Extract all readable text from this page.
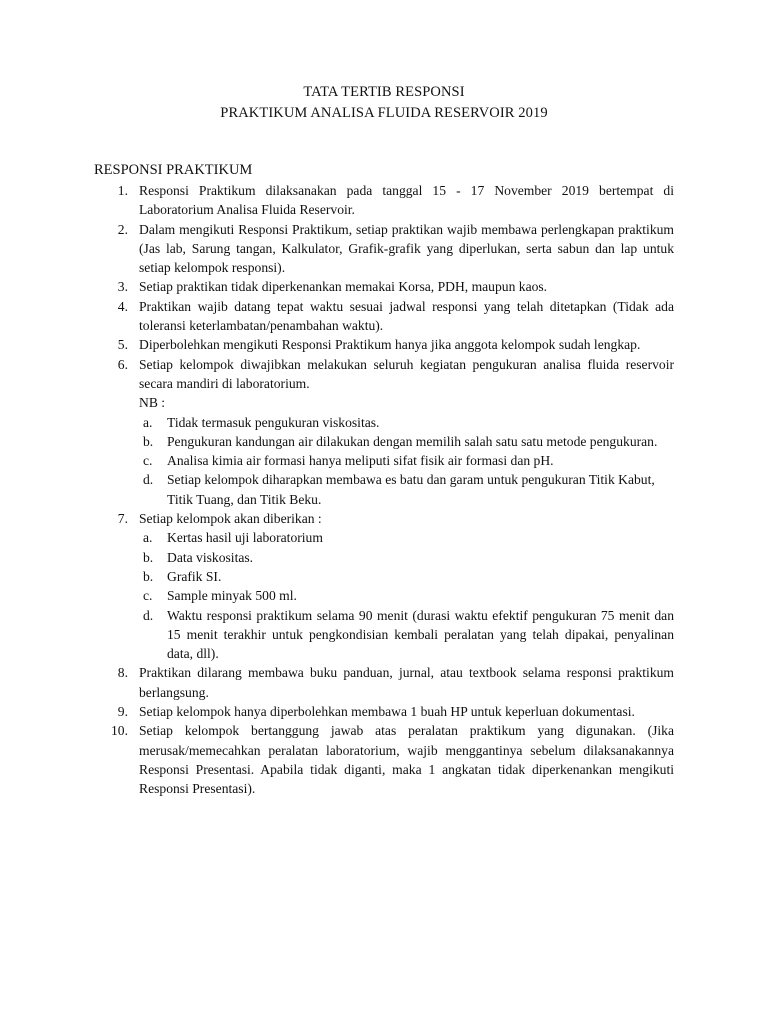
TATA TERTIB RESPONSI
PRAKTIKUM ANALISA FLUIDA RESERVOIR 2019
RESPONSI PRAKTIKUM
1. Responsi Praktikum dilaksanakan pada tanggal 15 - 17 November 2019 bertempat di Laboratorium Analisa Fluida Reservoir.
2. Dalam mengikuti Responsi Praktikum, setiap praktikan wajib membawa perlengkapan praktikum (Jas lab, Sarung tangan, Kalkulator, Grafik-grafik yang diperlukan, serta sabun dan lap untuk setiap kelompok responsi).
3. Setiap praktikan tidak diperkenankan memakai Korsa, PDH, maupun kaos.
4. Praktikan wajib datang tepat waktu sesuai jadwal responsi yang telah ditetapkan (Tidak ada toleransi keterlambatan/penambahan waktu).
5. Diperbolehkan mengikuti Responsi Praktikum hanya jika anggota kelompok sudah lengkap.
6. Setiap kelompok diwajibkan melakukan seluruh kegiatan pengukuran analisa fluida reservoir secara mandiri di laboratorium.
NB :
a. Tidak termasuk pengukuran viskositas.
b. Pengukuran kandungan air dilakukan dengan memilih salah satu satu metode pengukuran.
c. Analisa kimia air formasi hanya meliputi sifat fisik air formasi dan pH.
d. Setiap kelompok diharapkan membawa es batu dan garam untuk pengukuran Titik Kabut, Titik Tuang, dan Titik Beku.
7. Setiap kelompok akan diberikan :
a. Kertas hasil uji laboratorium
b. Data viskositas.
b. Grafik SI.
c. Sample minyak 500 ml.
d. Waktu responsi praktikum selama 90 menit (durasi waktu efektif pengukuran 75 menit dan 15 menit terakhir untuk pengkondisian kembali peralatan yang telah dipakai, penyalinan data, dll).
8. Praktikan dilarang membawa buku panduan, jurnal, atau textbook selama responsi praktikum berlangsung.
9. Setiap kelompok hanya diperbolehkan membawa 1 buah HP untuk keperluan dokumentasi.
10. Setiap kelompok bertanggung jawab atas peralatan praktikum yang digunakan. (Jika merusak/memecahkan peralatan laboratorium, wajib menggantinya sebelum dilaksanakannya Responsi Presentasi. Apabila tidak diganti, maka 1 angkatan tidak diperkenankan mengikuti Responsi Presentasi).
